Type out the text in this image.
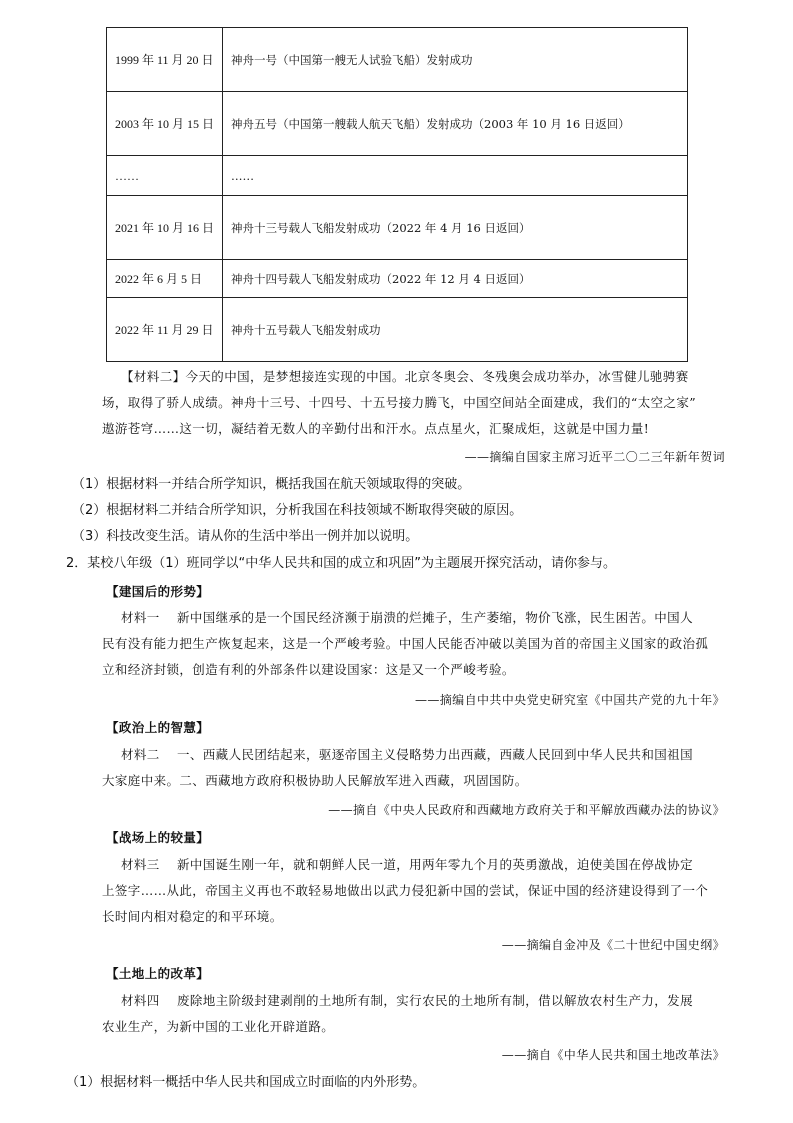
1999 年 11 月 20 日	神舟一号（中国第一艘无人试验飞船）发射成功
2003 年 10 月 15 日	神舟五号（中国第一艘载人航天飞船）发射成功（2003 年 10 月 16 日返回）
……	……
2021 年 10 月 16 日	神舟十三号载人飞船发射成功（2022 年 4 月 16 日返回）
2022 年 6 月 5 日	神舟十四号载人飞船发射成功（2022 年 12 月 4 日返回）
2022 年 11 月 29 日	神舟十五号载人飞船发射成功
【材料二】今天的中国，是梦想接连实现的中国。北京冬奥会、冬残奥会成功举办，冰雪健儿驰骋赛
场，取得了骄人成绩。神舟十三号、十四号、十五号接力腾飞，中国空间站全面建成，我们的“太空之家”
遨游苍穹……这一切，凝结着无数人的辛勤付出和汗水。点点星火，汇聚成炬，这就是中国力量!
——摘编自国家主席习近平二〇二三年新年贺词
（1）根据材料一并结合所学知识，概括我国在航天领域取得的突破。
（2）根据材料二并结合所学知识，分析我国在科技领域不断取得突破的原因。
（3）科技改变生活。请从你的生活中举出一例并加以说明。
2．某校八年级（1）班同学以“中华人民共和国的成立和巩固”为主题展开探究活动，请你参与。
【建国后的形势】
材料一　 新中国继承的是一个国民经济濒于崩溃的烂摊子，生产萎缩，物价飞涨，民生困苦。中国人
民有没有能力把生产恢复起来，这是一个严峻考验。中国人民能否冲破以美国为首的帝国主义国家的政治孤
立和经济封锁，创造有利的外部条件以建设国家：这是又一个严峻考验。
——摘编自中共中央党史研究室《中国共产党的九十年》
【政治上的智慧】
材料二　 一、西藏人民团结起来，驱逐帝国主义侵略势力出西藏，西藏人民回到中华人民共和国祖国
大家庭中来。二、西藏地方政府积极协助人民解放军进入西藏，巩固国防。
——摘自《中央人民政府和西藏地方政府关于和平解放西藏办法的协议》
【战场上的较量】
材料三　 新中国诞生刚一年，就和朝鲜人民一道，用两年零九个月的英勇激战，迫使美国在停战协定
上签字……从此，帝国主义再也不敢轻易地做出以武力侵犯新中国的尝试，保证中国的经济建设得到了一个
长时间内相对稳定的和平环境。
——摘编自金冲及《二十世纪中国史纲》
【土地上的改革】
材料四　 废除地主阶级封建剥削的土地所有制，实行农民的土地所有制，借以解放农村生产力，发展
农业生产，为新中国的工业化开辟道路。
——摘自《中华人民共和国土地改革法》
（1）根据材料一概括中华人民共和国成立时面临的内外形势。
